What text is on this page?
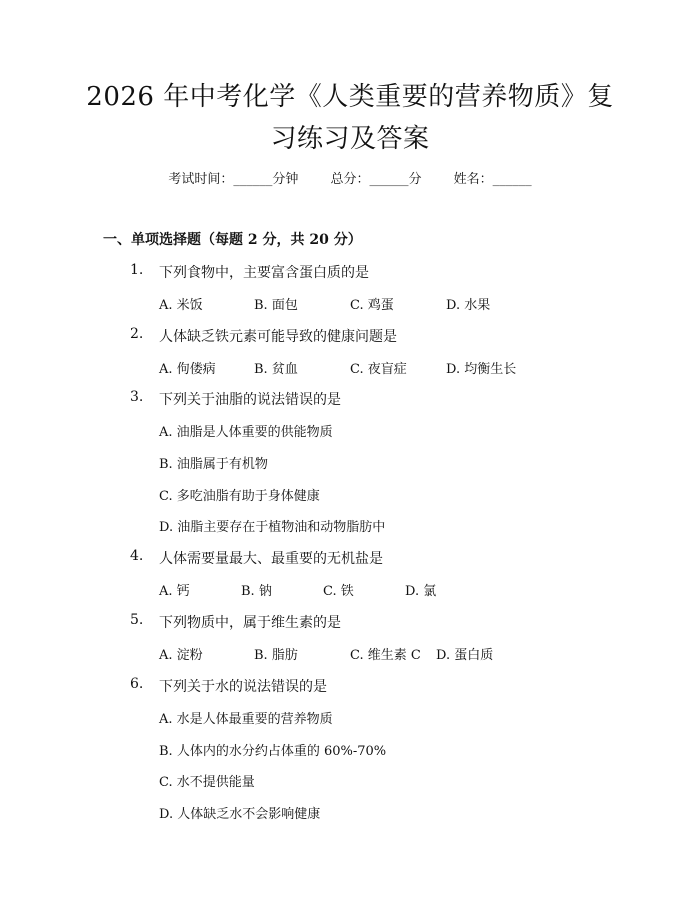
2026 年中考化学《人类重要的营养物质》复
习练习及答案
考试时间：______分钟 总分：______分 姓名：______
一、单项选择题（每题 2 分，共 20 分）
1. 下列食物中，主要富含蛋白质的是
A. 米饭	B. 面包	C. 鸡蛋	D. 水果
2. 人体缺乏铁元素可能导致的健康问题是
A. 佝偻病	B. 贫血	C. 夜盲症	D. 均衡生长
3. 下列关于油脂的说法错误的是
A. 油脂是人体重要的供能物质
B. 油脂属于有机物
C. 多吃油脂有助于身体健康
D. 油脂主要存在于植物油和动物脂肪中
4. 人体需要量最大、最重要的无机盐是
A. 钙	B. 钠	C. 铁	D. 氯
5. 下列物质中，属于维生素的是
A. 淀粉	B. 脂肪	C. 维生素 C D. 蛋白质
6. 下列关于水的说法错误的是
A. 水是人体最重要的营养物质
B. 人体内的水分约占体重的 60%-70%
C. 水不提供能量
D. 人体缺乏水不会影响健康
